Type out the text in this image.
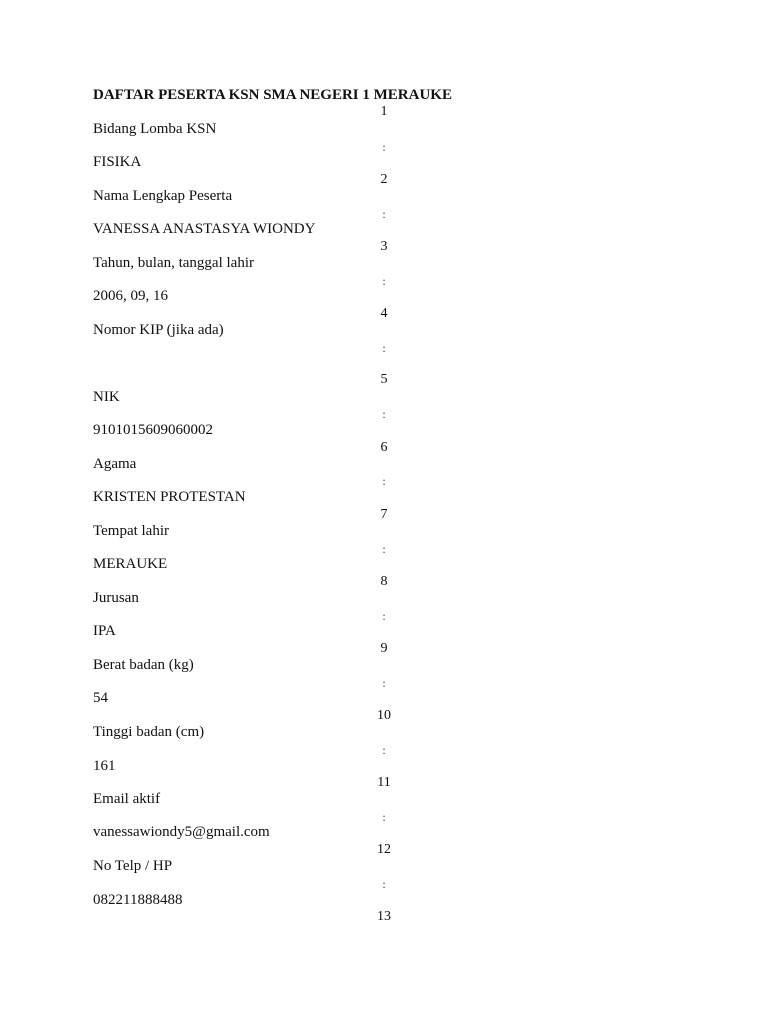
DAFTAR PESERTA KSN SMA NEGERI 1 MERAUKE
Bidang Lomba KSN
FISIKA
Nama Lengkap Peserta
VANESSA ANASTASYA WIONDY
Tahun, bulan, tanggal lahir
2006, 09, 16
Nomor KIP (jika ada)
NIK
9101015609060002
Agama
KRISTEN PROTESTAN
Tempat lahir
MERAUKE
Jurusan
IPA
Berat badan (kg)
54
Tinggi badan (cm)
161
Email aktif
vanessawiondy5@gmail.com
No Telp / HP
082211888488
1
:
2
:
3
:
4
:
5
:
6
:
7
:
8
:
9
:
10
:
11
:
12
:
13
